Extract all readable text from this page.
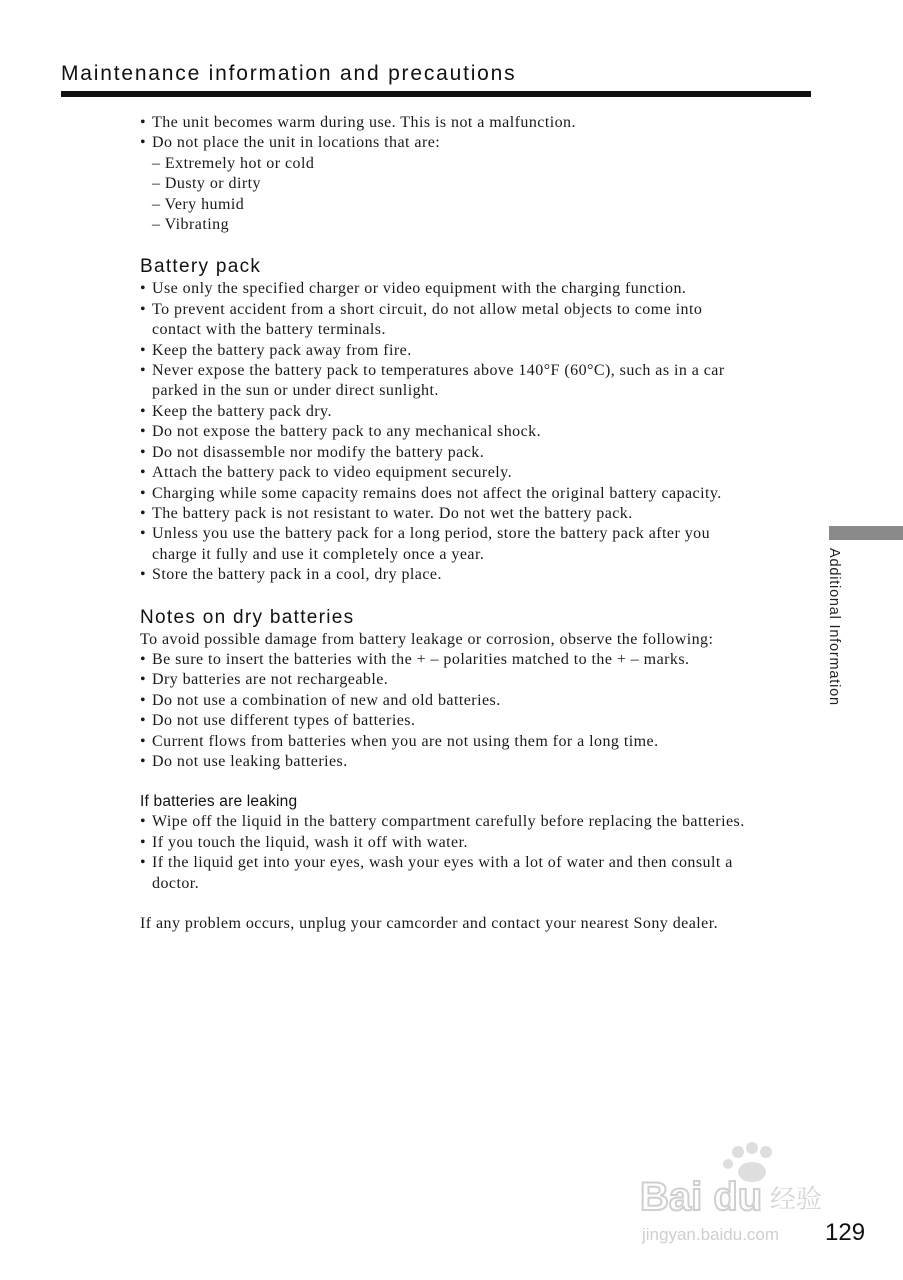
Maintenance information and precautions
• The unit becomes warm during use. This is not a malfunction.
• Do not place the unit in locations that are:
– Extremely hot or cold
– Dusty or dirty
– Very humid
– Vibrating
Battery pack
• Use only the specified charger or video equipment with the charging function.
• To prevent accident from a short circuit, do not allow metal objects to come into
contact with the battery terminals.
• Keep the battery pack away from fire.
• Never expose the battery pack to temperatures above 140°F (60°C), such as in a car
parked in the sun or under direct sunlight.
• Keep the battery pack dry.
• Do not expose the battery pack to any mechanical shock.
• Do not disassemble nor modify the battery pack.
• Attach the battery pack to video equipment securely.
• Charging while some capacity remains does not affect the original battery capacity.
• The battery pack is not resistant to water. Do not wet the battery pack.
• Unless you use the battery pack for a long period, store the battery pack after you
charge it fully and use it completely once a year.
• Store the battery pack in a cool, dry place.
Notes on dry batteries
To avoid possible damage from battery leakage or corrosion, observe the following:
• Be sure to insert the batteries with the + – polarities matched to the + – marks.
• Dry batteries are not rechargeable.
• Do not use a combination of new and old batteries.
• Do not use different types of batteries.
• Current flows from batteries when you are not using them for a long time.
• Do not use leaking batteries.
If batteries are leaking
• Wipe off the liquid in the battery compartment carefully before replacing the batteries.
• If you touch the liquid, wash it off with water.
• If the liquid get into your eyes, wash your eyes with a lot of water and then consult a
doctor.
If any problem occurs, unplug your camcorder and contact your nearest Sony dealer.
Additional Information
Bai du 经验
jingyan.baidu.com 129
